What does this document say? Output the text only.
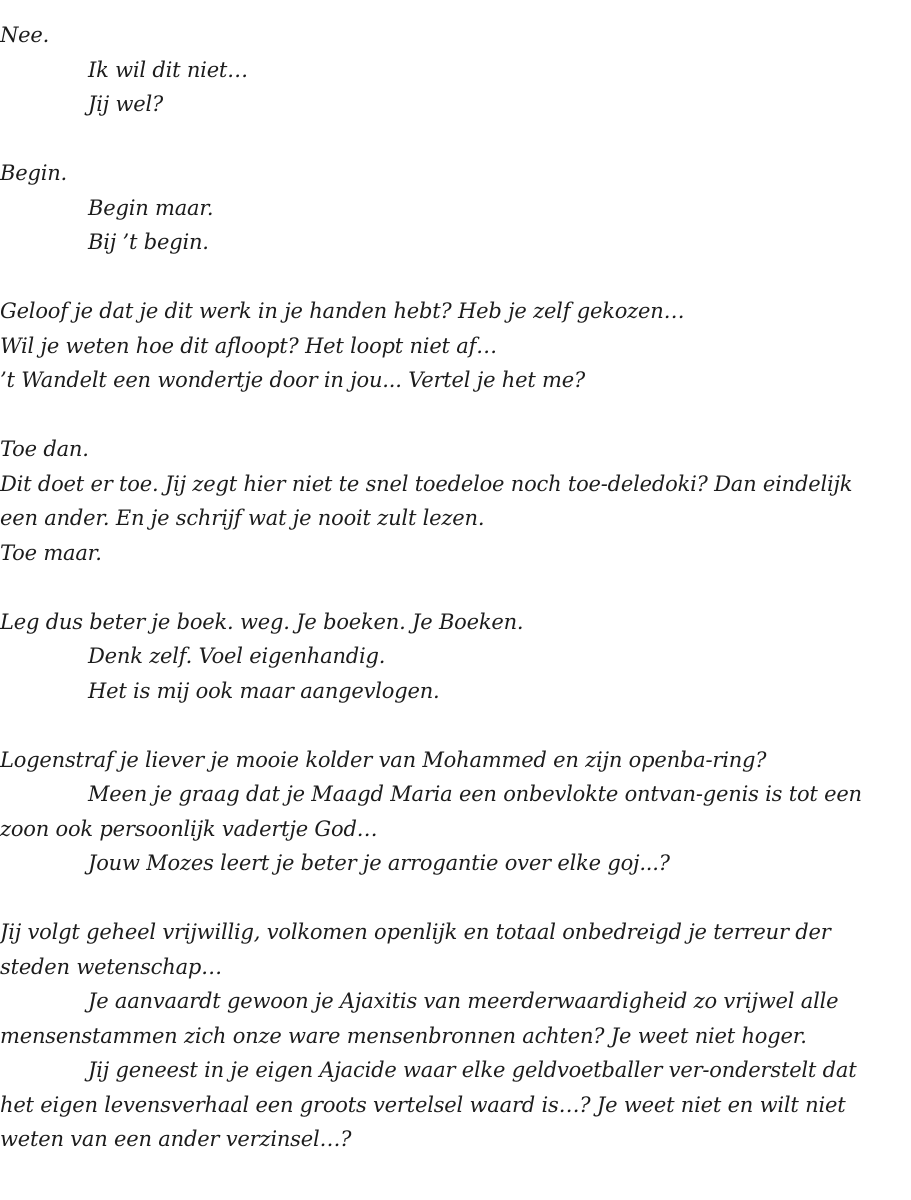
Nee.
Ik wil dit niet…
Jij wel?
Begin.
Begin maar.
Bij ’t begin.
Geloof je dat je dit werk in je handen hebt? Heb je zelf gekozen…
Wil je weten hoe dit afloopt? Het loopt niet af…
’t Wandelt een wondertje door in jou... Vertel je het me?
Toe dan.
Dit doet er toe. Jij zegt hier niet te snel toedeloe noch toe-deledoki? Dan eindelijk
een ander. En je schrijf wat je nooit zult lezen.
Toe maar.
Leg dus beter je boek. weg. Je boeken. Je Boeken.
Denk zelf. Voel eigenhandig.
Het is mij ook maar aangevlogen.
Logenstraf je liever je mooie kolder van Mohammed en zijn openba-ring?
Meen je graag dat je Maagd Maria een onbevlokte ontvan-genis is tot een
zoon ook persoonlijk vadertje God…
Jouw Mozes leert je beter je arrogantie over elke goj...?
Jij volgt geheel vrijwillig, volkomen openlijk en totaal onbedreigd je terreur der
steden wetenschap…
Je aanvaardt gewoon je Ajaxitis van meerderwaardigheid zo vrijwel alle
mensenstammen zich onze ware mensenbronnen achten? Je weet niet hoger.
Jij geneest in je eigen Ajacide waar elke geldvoetballer ver-onderstelt dat
het eigen levensverhaal een groots vertelsel waard is…? Je weet niet en wilt niet
weten van een ander verzinsel…?
